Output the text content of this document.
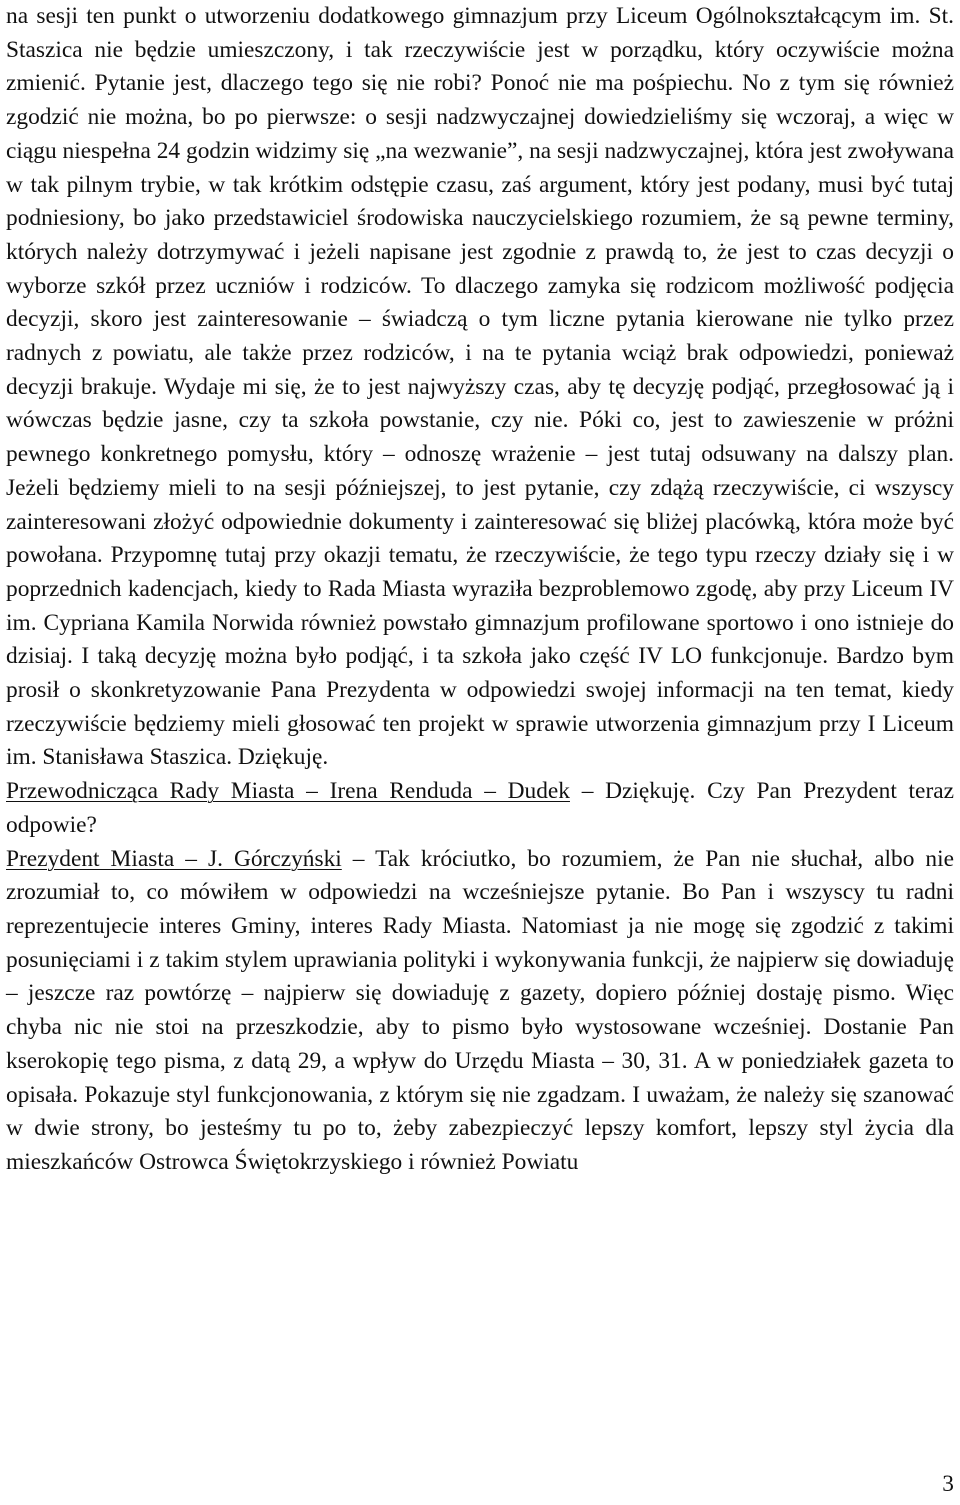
na sesji ten punkt o utworzeniu dodatkowego gimnazjum przy Liceum Ogólnokształcącym im. St. Staszica nie będzie umieszczony, i tak rzeczywiście jest w porządku, który oczywiście można zmienić. Pytanie jest, dlaczego tego się nie robi? Ponoć nie ma pośpiechu. No z tym się również zgodzić nie można, bo po pierwsze: o sesji nadzwyczajnej dowiedzieliśmy się wczoraj, a więc w ciągu niespełna 24 godzin widzimy się „na wezwanie”, na sesji nadzwyczajnej, która jest zwoływana w tak pilnym trybie, w tak krótkim odstępie czasu, zaś argument, który jest podany, musi być tutaj podniesiony, bo jako przedstawiciel środowiska nauczycielskiego rozumiem, że są pewne terminy, których należy dotrzymywać i jeżeli napisane jest zgodnie z prawdą to, że jest to czas decyzji o wyborze szkół przez uczniów i rodziców. To dlaczego zamyka się rodzicom możliwość podjęcia decyzji, skoro jest zainteresowanie – świadczą o tym liczne pytania kierowane nie tylko przez radnych z powiatu, ale także przez rodziców, i na te pytania wciąż brak odpowiedzi, ponieważ decyzji brakuje. Wydaje mi się, że to jest najwyższy czas, aby tę decyzję podjąć, przegłosować ją i wówczas będzie jasne, czy ta szkoła powstanie, czy nie. Póki co, jest to zawieszenie w próżni pewnego konkretnego pomysłu, który – odnoszę wrażenie – jest tutaj odsuwany na dalszy plan. Jeżeli będziemy mieli to na sesji późniejszej, to jest pytanie, czy zdążą rzeczywiście, ci wszyscy zainteresowani złożyć odpowiednie dokumenty i zainteresować się bliżej placówką, która może być powołana. Przypomnę tutaj przy okazji tematu, że rzeczywiście, że tego typu rzeczy działy się i w poprzednich kadencjach, kiedy to Rada Miasta wyraziła bezproblemowo zgodę, aby przy Liceum IV im. Cypriana Kamila Norwida również powstało gimnazjum profilowane sportowo i ono istnieje do dzisiaj. I taką decyzję można było podjąć, i ta szkoła jako część IV LO funkcjonuje. Bardzo bym prosił o skonkretyzowanie Pana Prezydenta w odpowiedzi swojej informacji na ten temat, kiedy rzeczywiście będziemy mieli głosować ten projekt w sprawie utworzenia gimnazjum przy I Liceum im. Stanisława Staszica. Dziękuję.

Przewodnicząca Rady Miasta – Irena Renduda – Dudek – Dziękuję. Czy Pan Prezydent teraz odpowie?

Prezydent Miasta – J. Górczyński – Tak króciutko, bo rozumiem, że Pan nie słuchał, albo nie zrozumiał to, co mówiłem w odpowiedzi na wcześniejsze pytanie. Bo Pan i wszyscy tu radni reprezentujecie interes Gminy, interes Rady Miasta. Natomiast ja nie mogę się zgodzić z takimi posunięciami i z takim stylem uprawiania polityki i wykonywania funkcji, że najpierw się dowiaduję – jeszcze raz powtórzę – najpierw się dowiaduję z gazety, dopiero później dostaję pismo. Więc chyba nic nie stoi na przeszkodzie, aby to pismo było wystosowane wcześniej. Dostanie Pan kserokopię tego pisma, z datą 29, a wpływ do Urzędu Miasta – 30, 31. A w poniedziałek gazeta to opisała. Pokazuje styl funkcjonowania, z którym się nie zgadzam. I uważam, że należy się szanować w dwie strony, bo jesteśmy tu po to, żeby zabezpieczyć lepszy komfort, lepszy styl życia dla mieszkańców Ostrowca Świętokrzyskiego i również Powiatu

3
